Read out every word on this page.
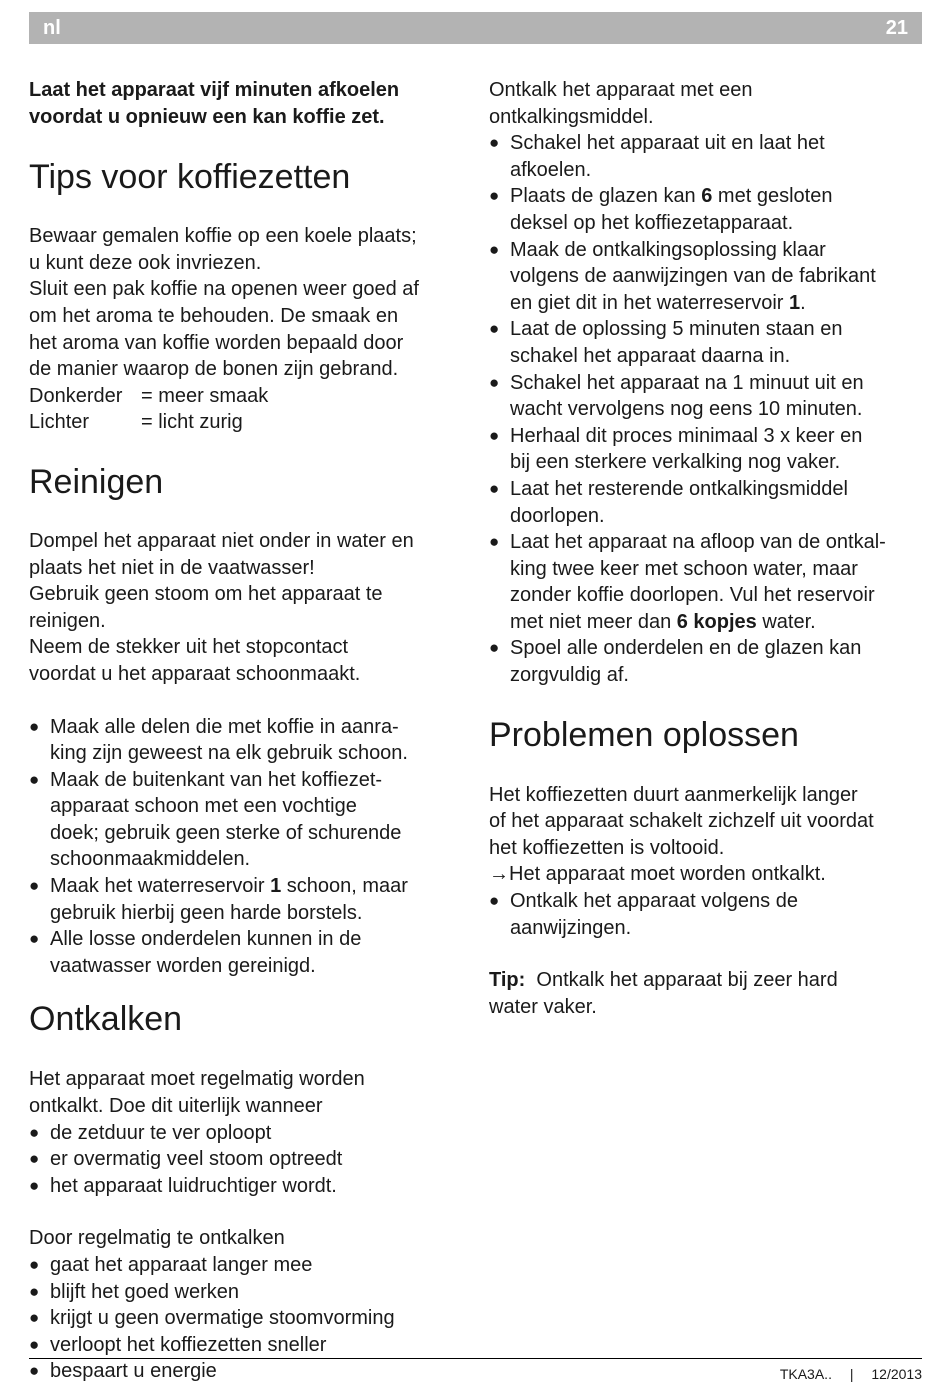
nl	21

Laat het apparaat vijf minuten afkoelen
voordat u opnieuw een kan koffie zet.

Tips voor koffiezetten

Bewaar gemalen koffie op een koele plaats;
u kunt deze ook invriezen.
Sluit een pak koffie na openen weer goed af
om het aroma te behouden. De smaak en
het aroma van koffie worden bepaald door
de manier waarop de bonen zijn gebrand.

Donkerder = meer smaak
Lichter	= licht zurig
Reinigen

Dompel het apparaat niet onder in water en
plaats het niet in de vaatwasser!
Gebruik geen stoom om het apparaat te
reinigen.
Neem de stekker uit het stopcontact
voordat u het apparaat schoonmaakt.

● Maak alle delen die met koffie in aanra-
king zijn geweest na elk gebruik schoon.
● Maak de buitenkant van het koffiezet-
apparaat schoon met een vochtige
doek; gebruik geen sterke of schurende
schoonmaakmiddelen.
● Maak het waterreservoir 1 schoon, maar
gebruik hierbij geen harde borstels.
● Alle losse onderdelen kunnen in de
vaatwasser worden gereinigd.
Ontkalken

Het apparaat moet regelmatig worden
ontkalkt. Doe dit uiterlijk wanneer

● de zetduur te ver oploopt
● er overmatig veel stoom optreedt
● het apparaat luidruchtiger wordt.

Door regelmatig te ontkalken

● gaat het apparaat langer mee
● blijft het goed werken
● krijgt u geen overmatige stoomvorming
● verloopt het koffiezetten sneller
● bespaart u energie

Ontkalk het apparaat met een
ontkalkingsmiddel.

● Schakel het apparaat uit en laat het
afkoelen.
● Plaats de glazen kan 6 met gesloten
deksel op het koffiezetapparaat.
● Maak de ontkalkingsoplossing klaar
volgens de aanwijzingen van de fabrikant
en giet dit in het waterreservoir 1.
● Laat de oplossing 5 minuten staan en
schakel het apparaat daarna in.
● Schakel het apparaat na 1 minuut uit en
wacht vervolgens nog eens 10 minuten.
● Herhaal dit proces minimaal 3 x keer en
bij een sterkere verkalking nog vaker.
● Laat het resterende ontkalkingsmiddel
doorlopen.
● Laat het apparaat na afloop van de ontkal-
king twee keer met schoon water, maar
zonder koffie doorlopen. Vul het reservoir
met niet meer dan 6 kopjes water.
● Spoel alle onderdelen en de glazen kan
zorgvuldig af.
Problemen oplossen

Het koffiezetten duurt aanmerkelijk langer
of het apparaat schakelt zichzelf uit voordat
het koffiezetten is voltooid.

→Het apparaat moet worden ontkalkt.

● Ontkalk het apparaat volgens de
aanwijzingen.

Tip:  Ontkalk het apparaat bij zeer hard
water vaker.

TKA3A.. | 12/2013
